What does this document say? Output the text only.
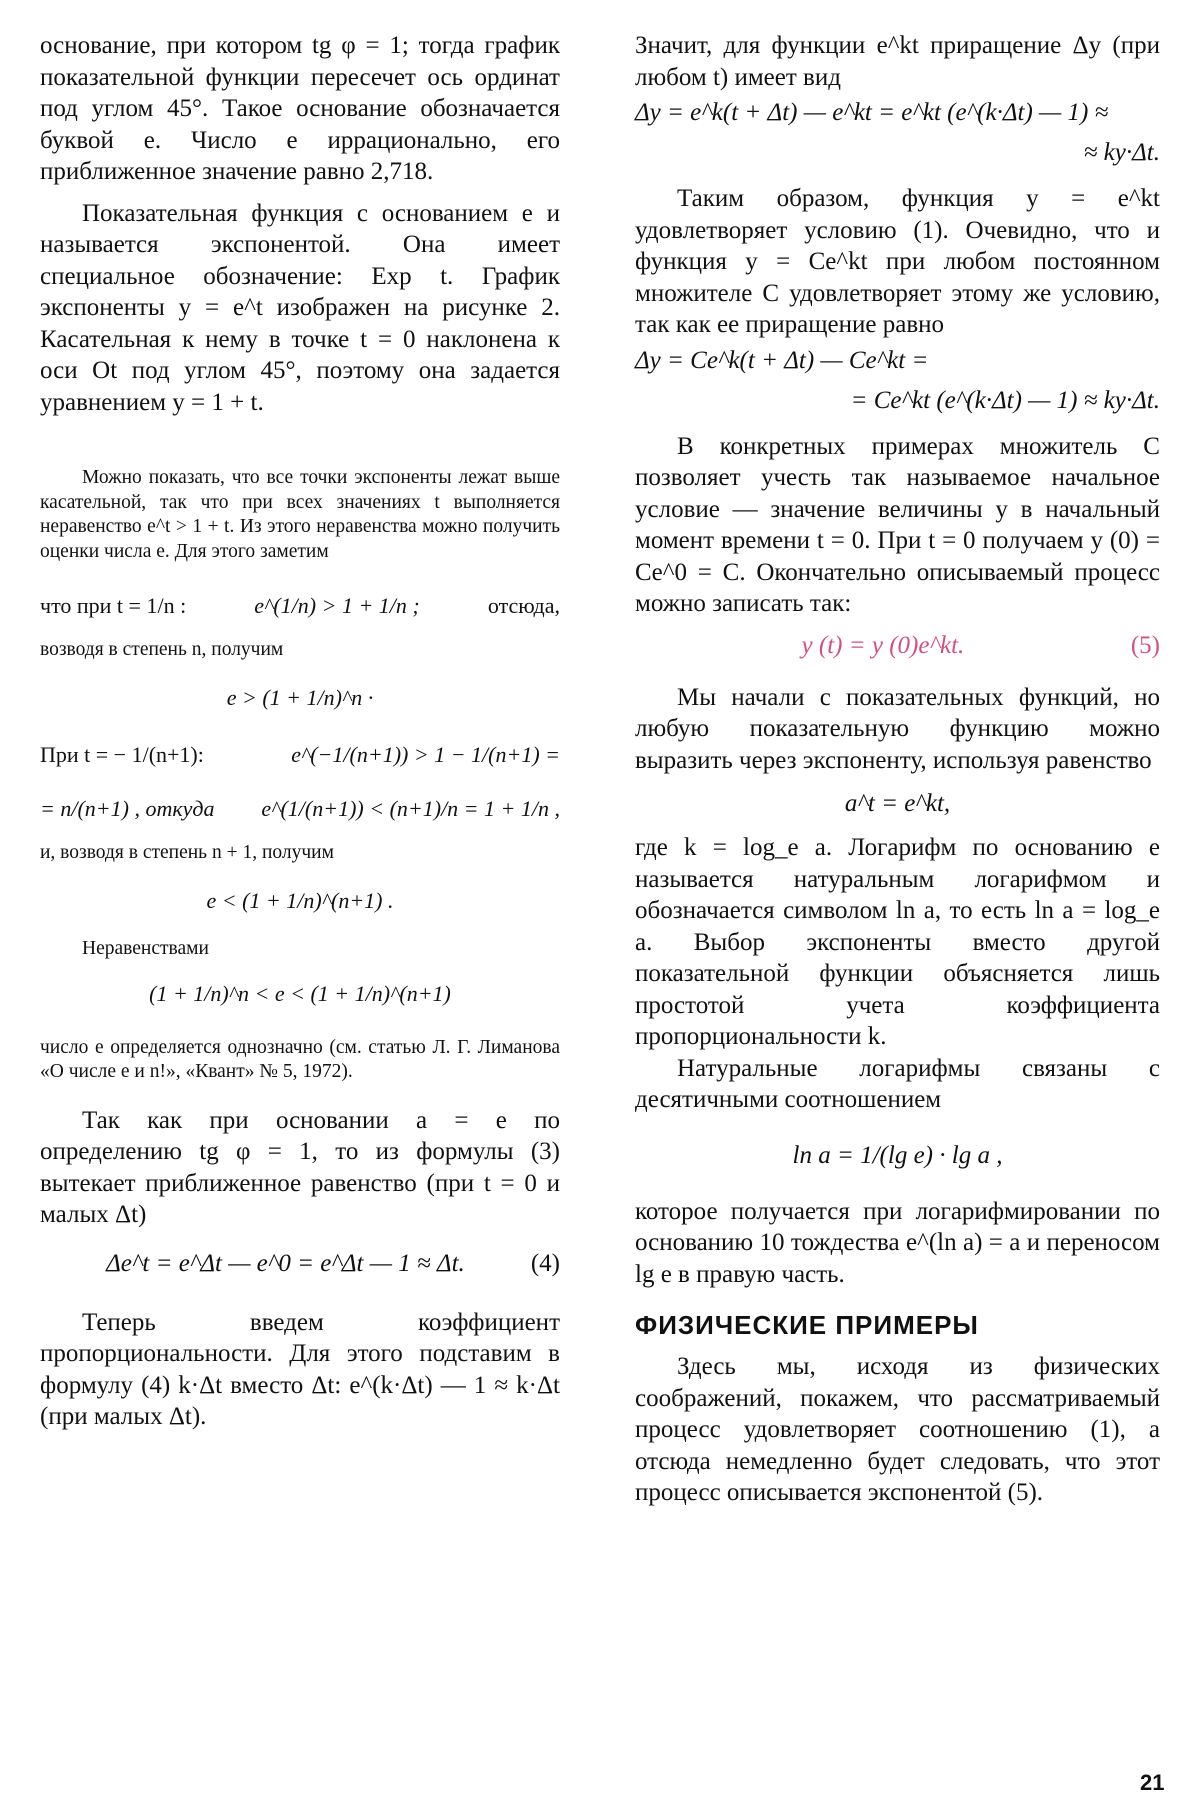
основание, при котором tg φ = 1; тогда график показательной функции пересечет ось ординат под углом 45°. Такое основание обозначается буквой e. Число e иррационально, его приближенное значение равно 2,718.

Показательная функция с основанием e и называется экспонентой. Она имеет специальное обозначение: Exp t. График экспоненты y = e^t изображен на рисунке 2. Касательная к нему в точке t = 0 наклонена к оси Ot под углом 45°, поэтому она задается уравнением y = 1 + t.

Можно показать, что все точки экспоненты лежат выше касательной, так что при всех значениях t выполняется неравенство e^t > 1 + t. Из этого неравенства можно получить оценки числа e. Для этого заметим

что при t = 1/n :	e^(1/n) > 1 + 1/n ;	отсюда,

возводя в степень n, получим

e > (1 + 1/n)^n ·
При t = − 1/(n+1):	e^(−1/(n+1)) > 1 − 1/(n+1) =
= n/(n+1) , откуда e^(1/(n+1)) < (n+1)/n = 1 + 1/n ,

и, возводя в степень n + 1, получим

e < (1 + 1/n)^(n+1) .

Неравенствами

(1 + 1/n)^n < e < (1 + 1/n)^(n+1)

число e определяется однозначно (см. статью Л. Г. Лиманова «О числе e и n!», «Квант» № 5, 1972).

Так как при основании a = e по определению tg φ = 1, то из формулы (3) вытекает приближенное равенство (при t = 0 и малых Δt)

Δe^t = e^Δt — e^0 = e^Δt — 1 ≈ Δt.	(4)

Теперь введем коэффициент пропорциональности. Для этого подставим в формулу (4) k·Δt вместо Δt: e^(k·Δt) — 1 ≈ k·Δt (при малых Δt).

Значит, для функции e^kt приращение Δy (при любом t) имеет вид

Δy = e^k(t + Δt) — e^kt = e^kt (e^(k·Δt) — 1) ≈
≈ ky·Δt.

Таким образом, функция y = e^kt удовлетворяет условию (1). Очевидно, что и функция y = Ce^kt при любом постоянном множителе C удовлетворяет этому же условию, так как ее приращение равно

Δy = Ce^k(t + Δt) — Ce^kt =
= Ce^kt (e^(k·Δt) — 1) ≈ ky·Δt.

В конкретных примерах множитель C позволяет учесть так называемое начальное условие — значение величины y в начальный момент времени t = 0. При t = 0 получаем y (0) = Ce^0 = C. Окончательно описываемый процесс можно записать так:

y (t) = y (0)e^kt.	(5)

Мы начали с показательных функций, но любую показательную функцию можно выразить через экспоненту, используя равенство

a^t = e^kt,

где k = log_e a. Логарифм по основанию e называется натуральным логарифмом и обозначается символом ln a, то есть ln a = log_e a. Выбор экспоненты вместо другой показательной функции объясняется лишь простотой учета коэффициента пропорциональности k.

Натуральные логарифмы связаны с десятичными соотношением

ln a = 1/(lg e) · lg a ,

которое получается при логарифмировании по основанию 10 тождества e^(ln a) = a и переносом lg e в правую часть.

ФИЗИЧЕСКИЕ ПРИМЕРЫ

Здесь мы, исходя из физических соображений, покажем, что рассматриваемый процесс удовлетворяет соотношению (1), а отсюда немедленно будет следовать, что этот процесс описывается экспонентой (5).

21
